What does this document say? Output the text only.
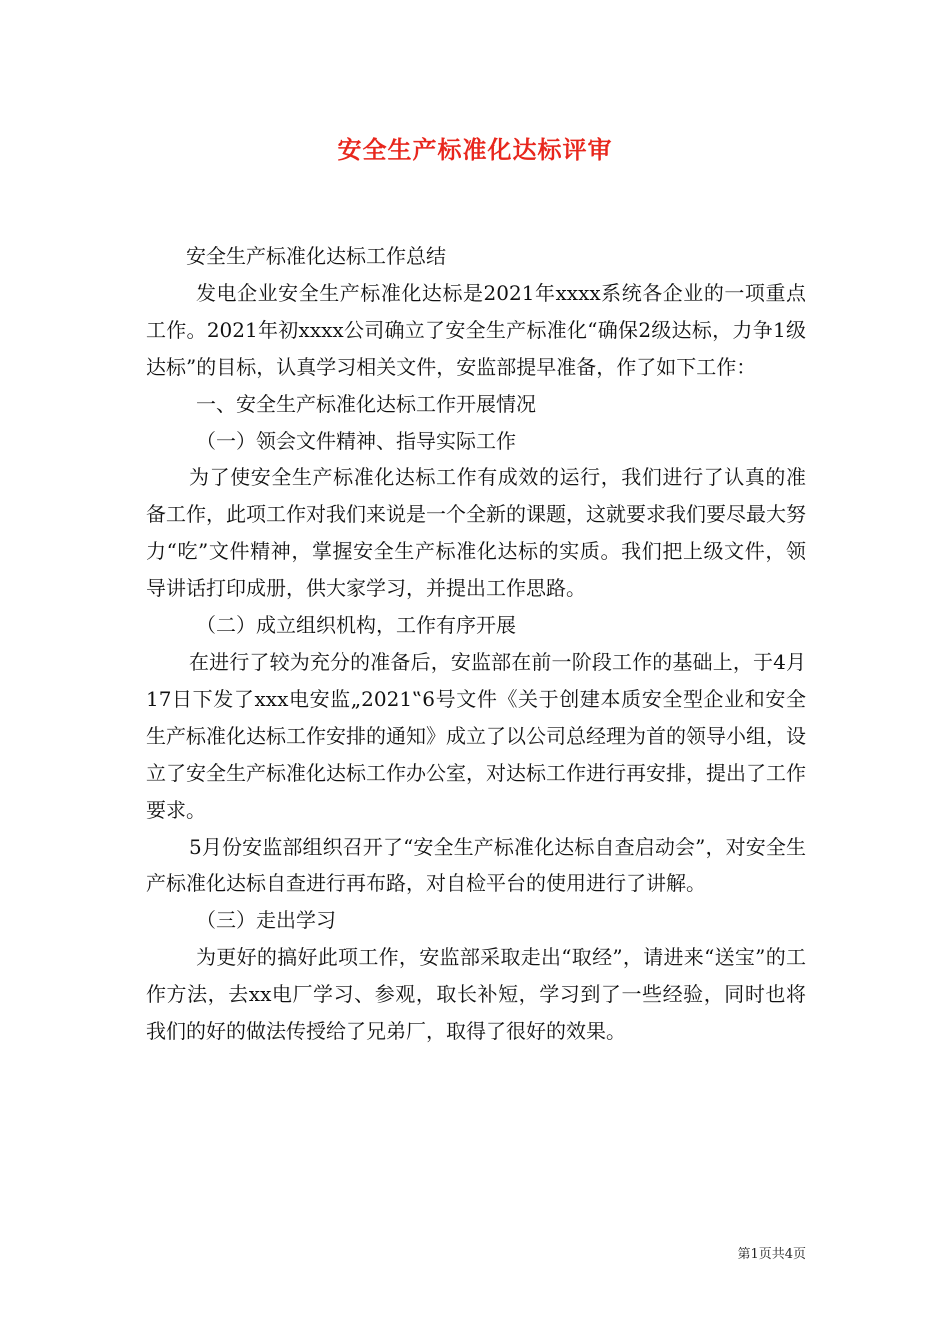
安全生产标准化达标评审

安全生产标准化达标工作总结

发电企业安全生产标准化达标是2021年xxxx系统各企业的一项重点工作。2021年初xxxx公司确立了安全生产标准化“确保2级达标，力争1级达标”的目标，认真学习相关文件，安监部提早准备，作了如下工作：

一、安全生产标准化达标工作开展情况

（一）领会文件精神、指导实际工作

为了使安全生产标准化达标工作有成效的运行，我们进行了认真的准备工作，此项工作对我们来说是一个全新的课题，这就要求我们要尽最大努力“吃”文件精神，掌握安全生产标准化达标的实质。我们把上级文件，领导讲话打印成册，供大家学习，并提出工作思路。

（二）成立组织机构，工作有序开展

在进行了较为充分的准备后，安监部在前一阶段工作的基础上，于4月17日下发了xxx电安监„2021‟6号文件《关于创建本质安全型企业和安全生产标准化达标工作安排的通知》成立了以公司总经理为首的领导小组，设立了安全生产标准化达标工作办公室，对达标工作进行再安排，提出了工作要求。

5月份安监部组织召开了“安全生产标准化达标自查启动会”，对安全生产标准化达标自查进行再布路，对自检平台的使用进行了讲解。

（三）走出学习

为更好的搞好此项工作，安监部采取走出“取经”，请进来“送宝”的工作方法，去xx电厂学习、参观，取长补短，学习到了一些经验，同时也将我们的好的做法传授给了兄弟厂，取得了很好的效果。

第1页共4页
